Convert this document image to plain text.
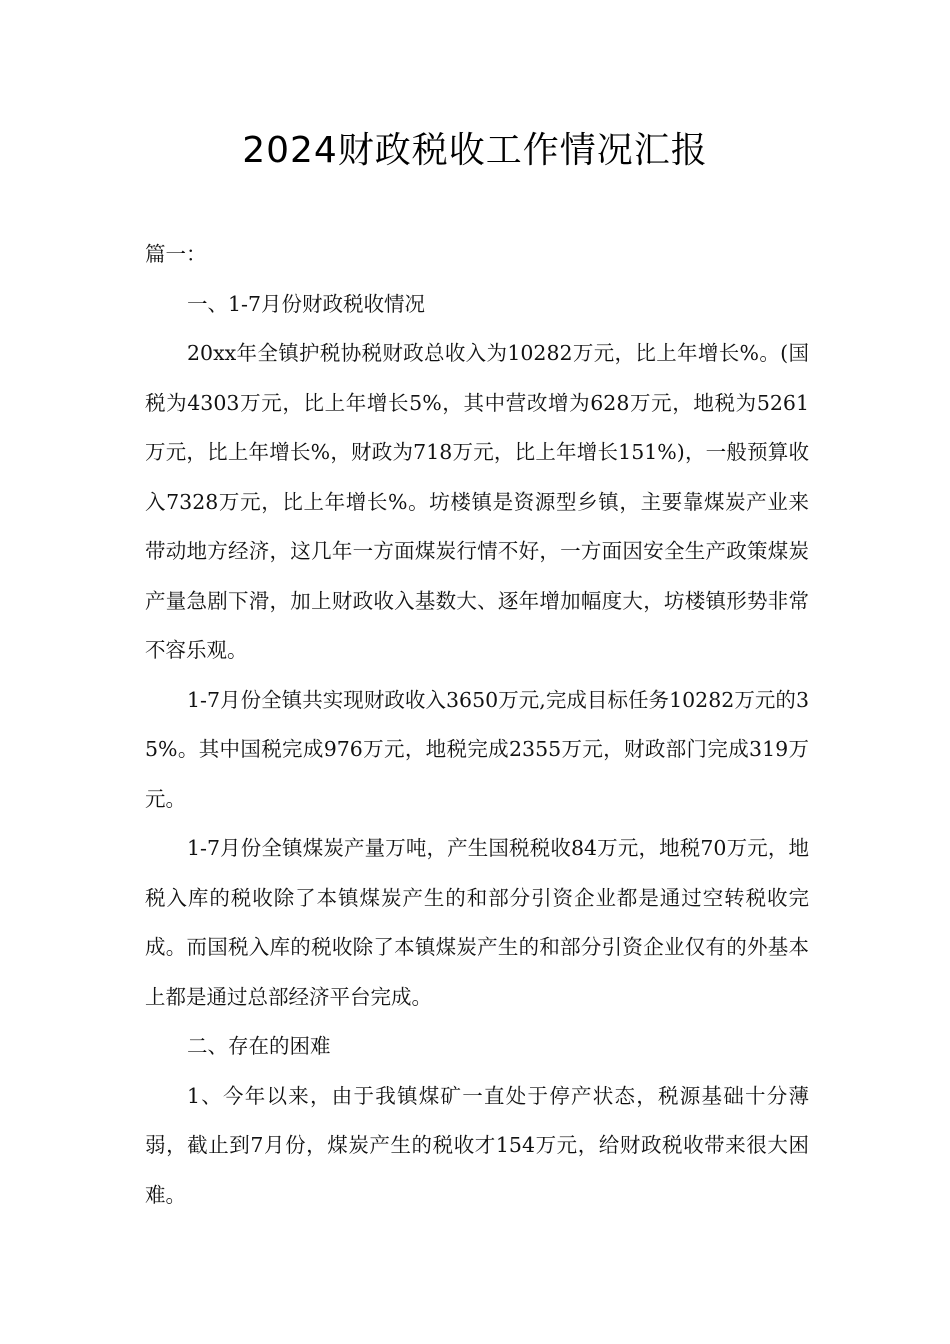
2024财政税收工作情况汇报

篇一：

一、1-7月份财政税收情况

20xx年全镇护税协税财政总收入为10282万元，比上年增长%。(国税为4303万元，比上年增长5%，其中营改增为628万元，地税为5261万元，比上年增长%，财政为718万元，比上年增长151%)，一般预算收入7328万元，比上年增长%。坊楼镇是资源型乡镇，主要靠煤炭产业来带动地方经济，这几年一方面煤炭行情不好，一方面因安全生产政策煤炭产量急剧下滑，加上财政收入基数大、逐年增加幅度大，坊楼镇形势非常不容乐观。

1-7月份全镇共实现财政收入3650万元,完成目标任务10282万元的35%。其中国税完成976万元，地税完成2355万元，财政部门完成319万元。

1-7月份全镇煤炭产量万吨，产生国税税收84万元，地税70万元，地税入库的税收除了本镇煤炭产生的和部分引资企业都是通过空转税收完成。而国税入库的税收除了本镇煤炭产生的和部分引资企业仅有的外基本上都是通过总部经济平台完成。

二、存在的困难

1、今年以来，由于我镇煤矿一直处于停产状态，税源基础十分薄弱，截止到7月份，煤炭产生的税收才154万元，给财政税收带来很大困难。
